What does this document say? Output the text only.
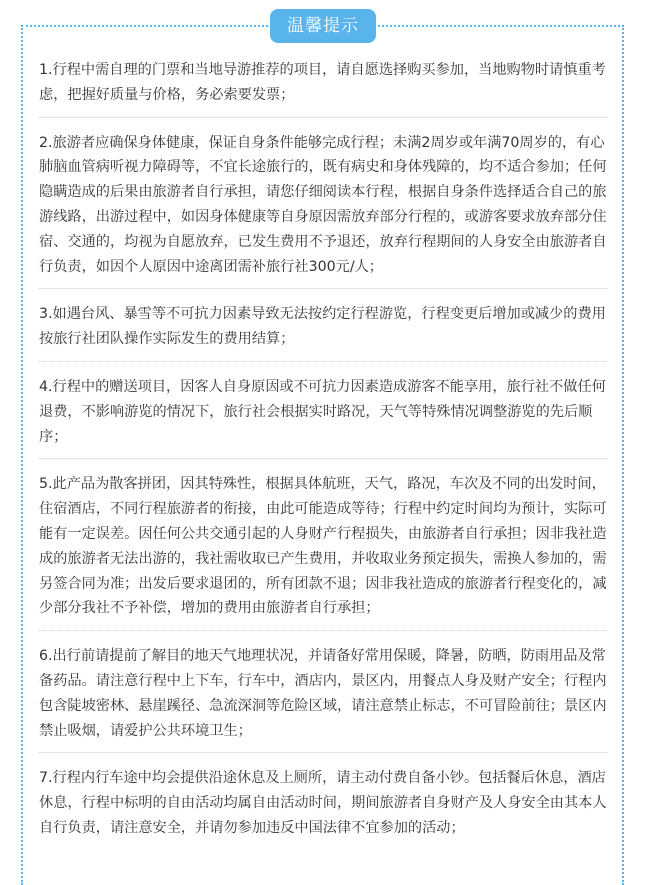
温馨提示

1.行程中需自理的门票和当地导游推荐的项目，请自愿选择购买参加，当地购物时请慎重考虑，把握好质量与价格，务必索要发票；

2.旅游者应确保身体健康，保证自身条件能够完成行程；未满2周岁或年满70周岁的，有心肺脑血管病听视力障碍等，不宜长途旅行的，既有病史和身体残障的，均不适合参加；任何隐瞒造成的后果由旅游者自行承担，请您仔细阅读本行程，根据自身条件选择适合自己的旅游线路，出游过程中，如因身体健康等自身原因需放弃部分行程的，或游客要求放弃部分住宿、交通的，均视为自愿放弃，已发生费用不予退还，放弃行程期间的人身安全由旅游者自行负责，如因个人原因中途离团需补旅行社300元/人；

3.如遇台风、暴雪等不可抗力因素导致无法按约定行程游览，行程变更后增加或减少的费用按旅行社团队操作实际发生的费用结算；

4.行程中的赠送项目，因客人自身原因或不可抗力因素造成游客不能享用，旅行社不做任何退费，不影响游览的情况下，旅行社会根据实时路况，天气等特殊情况调整游览的先后顺序；

5.此产品为散客拼团，因其特殊性，根据具体航班，天气，路况，车次及不同的出发时间，住宿酒店，不同行程旅游者的衔接，由此可能造成等待；行程中约定时间均为预计，实际可能有一定误差。因任何公共交通引起的人身财产行程损失，由旅游者自行承担；因非我社造成的旅游者无法出游的，我社需收取已产生费用，并收取业务预定损失，需换人参加的，需另签合同为准；出发后要求退团的，所有团款不退；因非我社造成的旅游者行程变化的，减少部分我社不予补偿，增加的费用由旅游者自行承担；

6.出行前请提前了解目的地天气地理状况，并请备好常用保暖，降暑，防晒，防雨用品及常备药品。请注意行程中上下车，行车中，酒店内，景区内，用餐点人身及财产安全；行程内包含陡坡密林、悬崖蹊径、急流深洞等危险区域，请注意禁止标志，不可冒险前往；景区内禁止吸烟，请爱护公共环境卫生；

7.行程内行车途中均会提供沿途休息及上厕所，请主动付费自备小钞。包括餐后休息，酒店休息，行程中标明的自由活动均属自由活动时间，期间旅游者自身财产及人身安全由其本人自行负责，请注意安全，并请勿参加违反中国法律不宜参加的活动；
